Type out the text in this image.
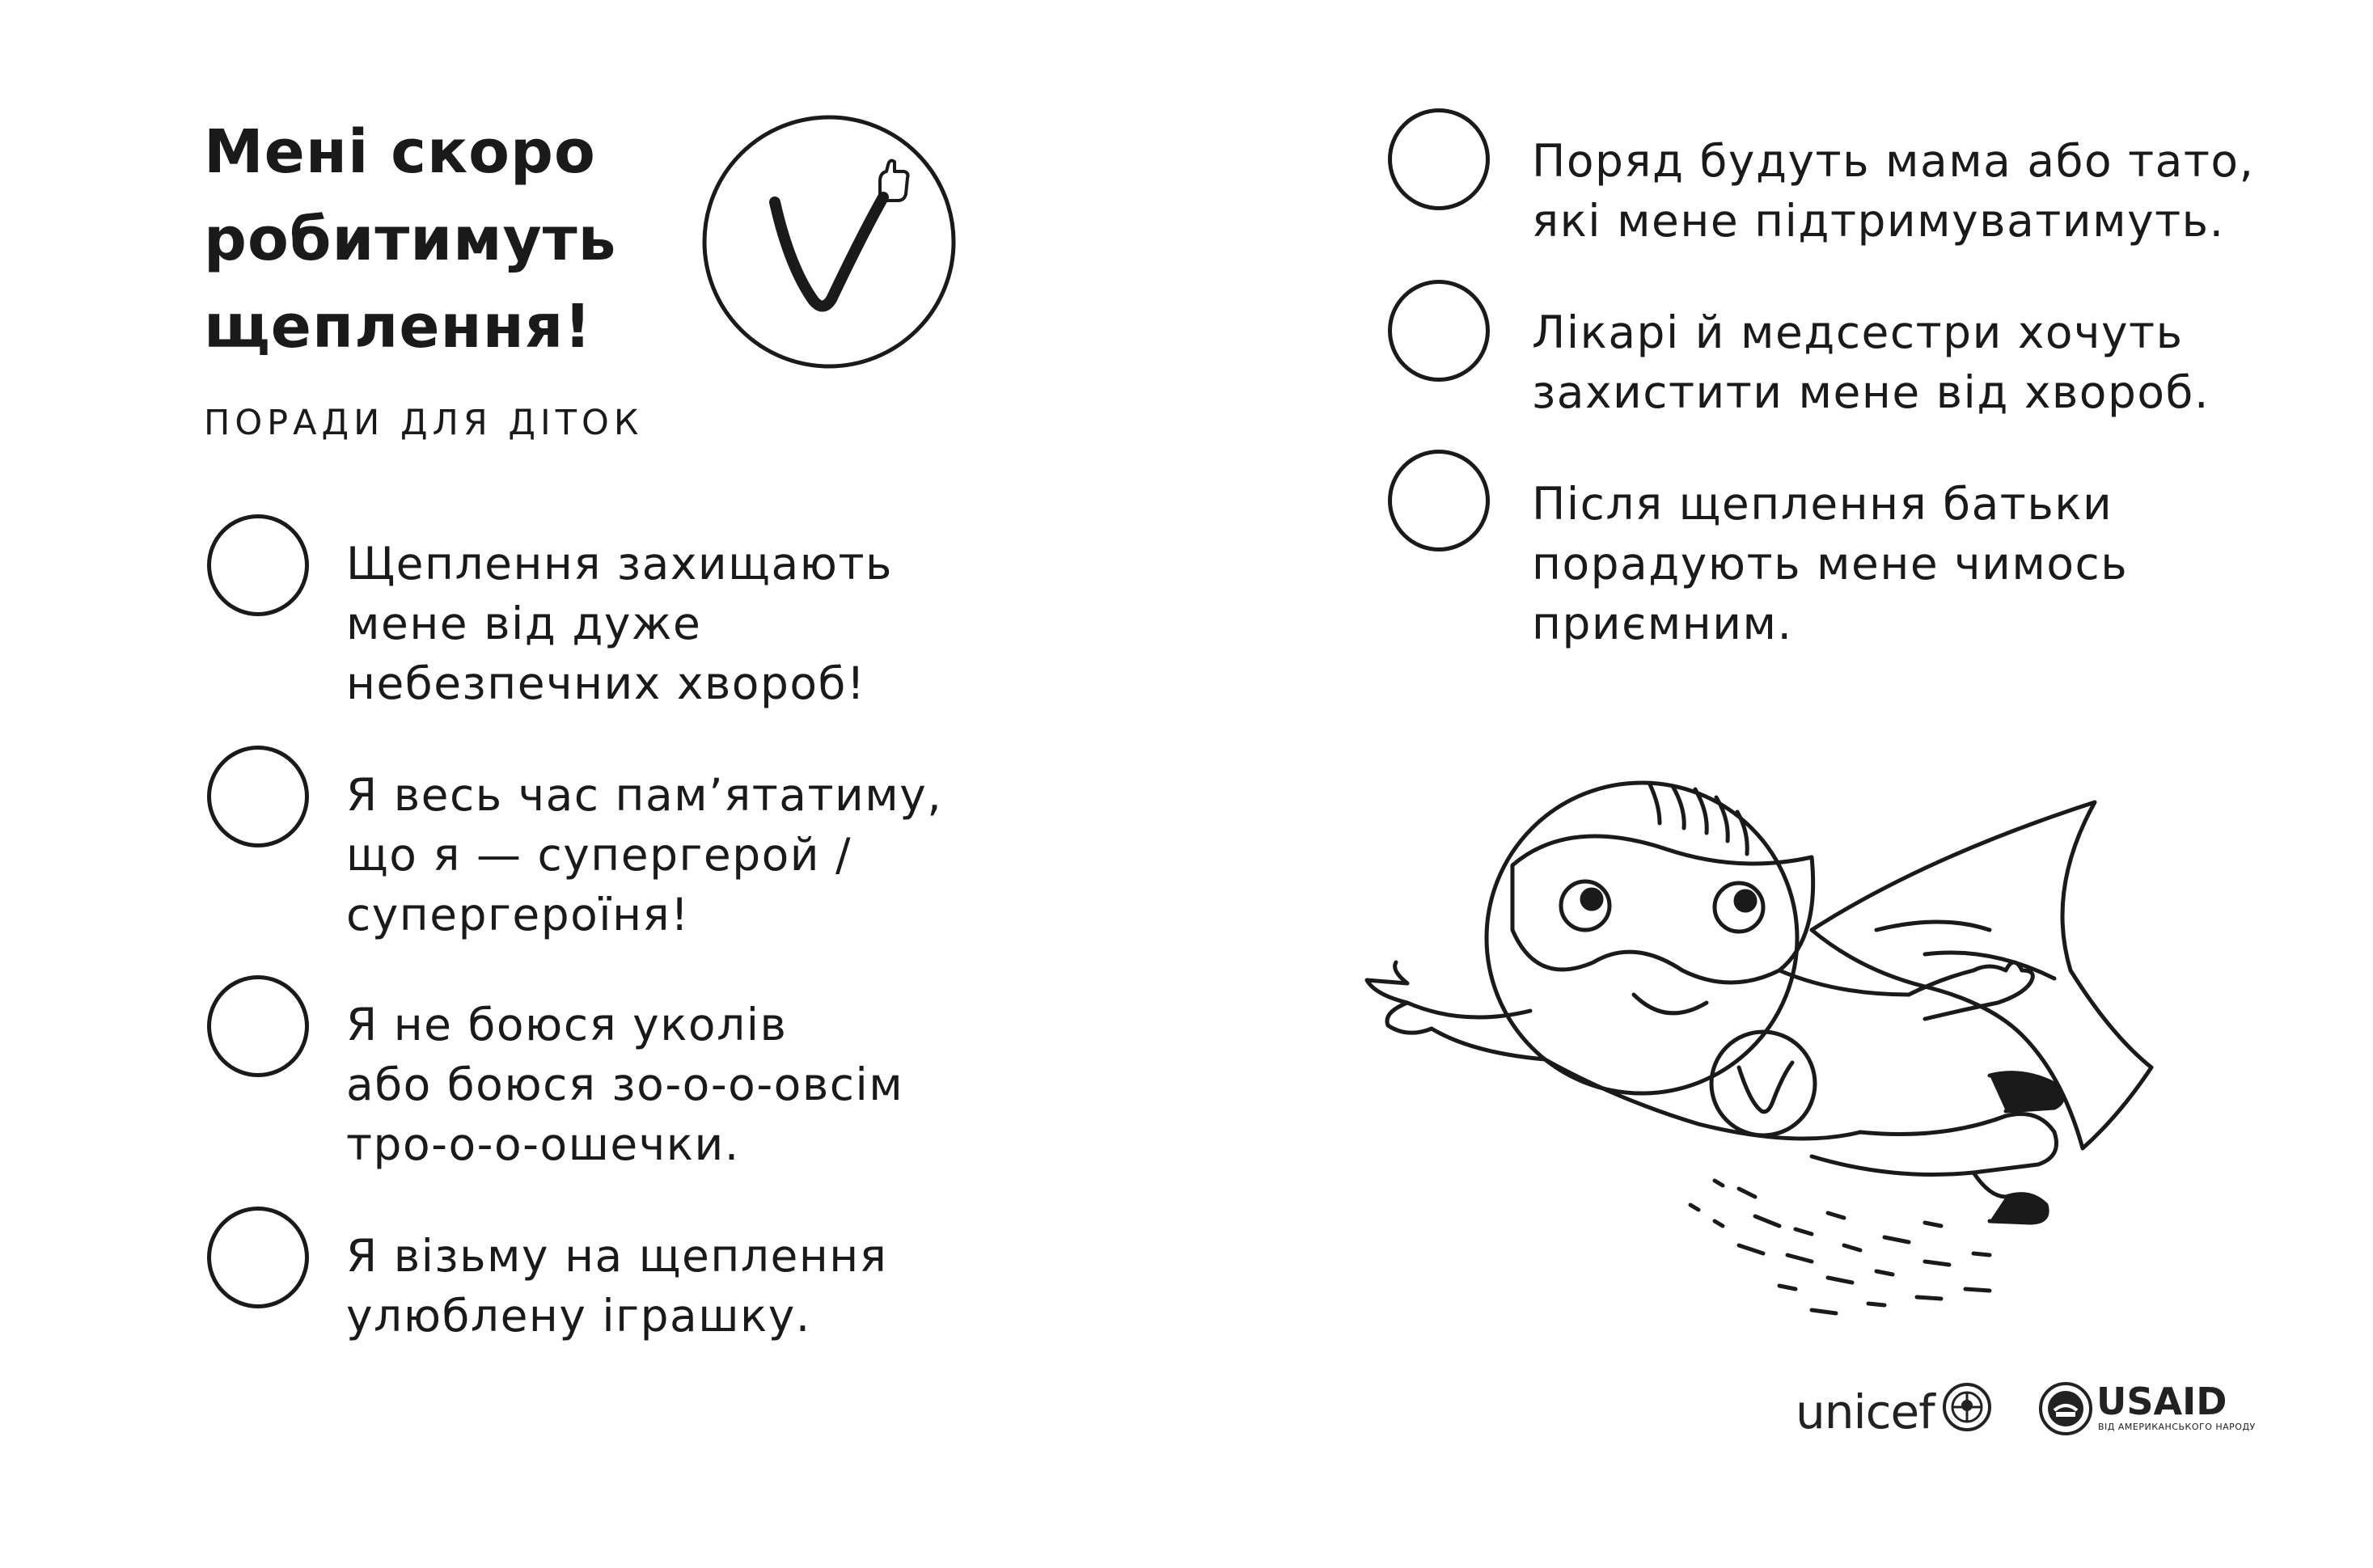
Мені скоро
робитимуть
щеплення!
ПОРАДИ ДЛЯ ДІТОК
Щеплення захищають
мене від дуже
небезпечних хвороб!
Я весь час пам’ятатиму,
що я — супергерой /
супергероїня!
Я не боюся уколів
або боюся зо-о-о-овсім
тро-о-о-ошечки.
Я візьму на щеплення
улюблену іграшку.
Поряд будуть мама або тато,
які мене підтримуватимуть.
Лікарі й медсестри хочуть
захистити мене від хвороб.
Після щеплення батьки
порадують мене чимось
приємним.
unicef	USAID
ВІД АМЕРИКАНСЬКОГО НАРОДУ
